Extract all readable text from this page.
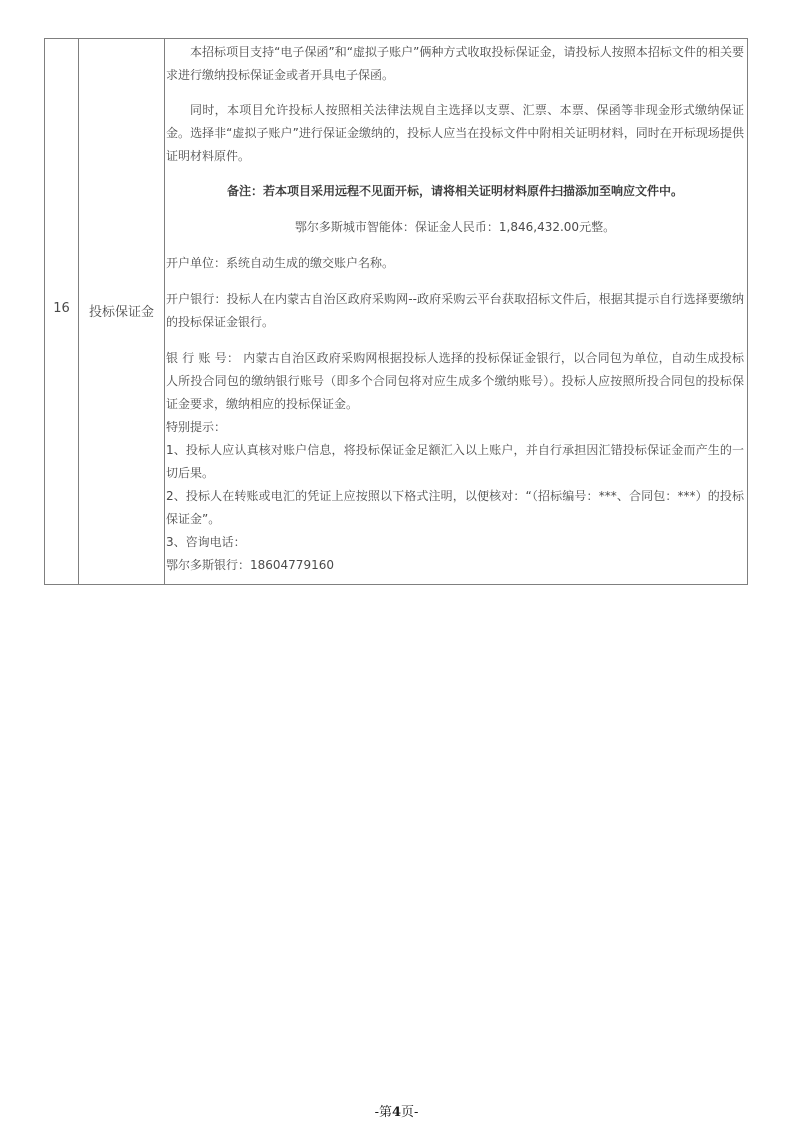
16	投标保证金

本招标项目支持“电子保函”和“虚拟子账户”俩种方式收取投标保证金，请投标人按照本招标文件的相关要求进行缴纳投标保证金或者开具电子保函。

同时，本项目允许投标人按照相关法律法规自主选择以支票、汇票、本票、保函等非现金形式缴纳保证金。选择非“虚拟子账户”进行保证金缴纳的，投标人应当在投标文件中附相关证明材料，同时在开标现场提供证明材料原件。

备注：若本项目采用远程不见面开标，请将相关证明材料原件扫描添加至响应文件中。

鄂尔多斯城市智能体：保证金人民币：1,846,432.00元整。

开户单位：系统自动生成的缴交账户名称。

开户银行：投标人在内蒙古自治区政府采购网--政府采购云平台获取招标文件后，根据其提示自行选择要缴纳的投标保证金银行。

银 行 账 号： 内蒙古自治区政府采购网根据投标人选择的投标保证金银行，以合同包为单位，自动生成投标人所投合同包的缴纳银行账号（即多个合同包将对应生成多个缴纳账号）。投标人应按照所投合同包的投标保证金要求，缴纳相应的投标保证金。

特别提示：

1、投标人应认真核对账户信息，将投标保证金足额汇入以上账户，并自行承担因汇错投标保证金而产生的一切后果。

2、投标人在转账或电汇的凭证上应按照以下格式注明，以便核对：“（招标编号：***、合同包：***）的投标保证金”。

3、咨询电话：

鄂尔多斯银行：18604779160

-第4页-
